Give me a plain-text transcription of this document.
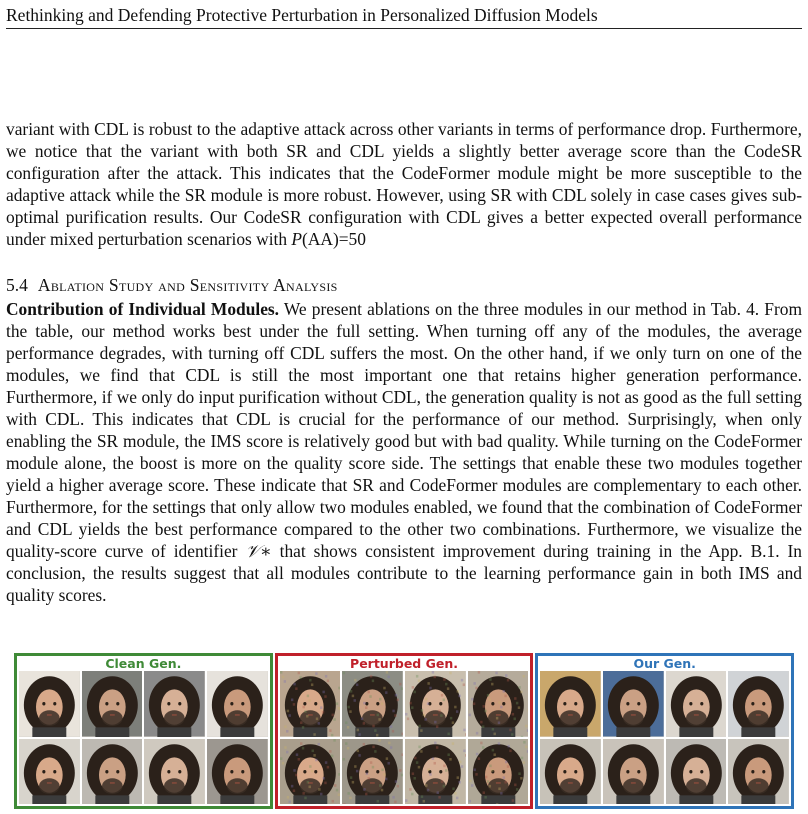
Rethinking and Defending Protective Perturbation in Personalized Diffusion Models

variant with CDL is robust to the adaptive attack across other variants in terms of performance drop. Furthermore, we notice that the variant with both SR and CDL yields a slightly better average score than the CodeSR configuration after the attack. This indicates that the CodeFormer module might be more susceptible to the adaptive attack while the SR module is more robust. However, using SR with CDL solely in case cases gives sub-optimal purification results. Our CodeSR configuration with CDL gives a better expected overall performance under mixed perturbation scenarios with P(AA)=50

5.4 Ablation Study and Sensitivity Analysis

Contribution of Individual Modules. We present ablations on the three modules in our method in Tab. 4. From the table, our method works best under the full setting. When turning off any of the modules, the average performance degrades, with turning off CDL suffers the most. On the other hand, if we only turn on one of the modules, we find that CDL is still the most important one that retains higher generation performance. Furthermore, if we only do input purification without CDL, the generation quality is not as good as the full setting with CDL. This indicates that CDL is crucial for the performance of our method. Surprisingly, when only enabling the SR module, the IMS score is relatively good but with bad quality. While turning on the CodeFormer module alone, the boost is more on the quality score side. The settings that enable these two modules together yield a higher average score. These indicate that SR and CodeFormer modules are complementary to each other. Furthermore, for the settings that only allow two modules enabled, we found that the combination of CodeFormer and CDL yields the best performance compared to the other two combinations. Furthermore, we visualize the quality-score curve of identifier 𝒱∗ that shows consistent improvement during training in the App. B.1. In conclusion, the results suggest that all modules contribute to the learning performance gain in both IMS and quality scores.

Clean Gen.	Perturbed Gen.	Our Gen.
